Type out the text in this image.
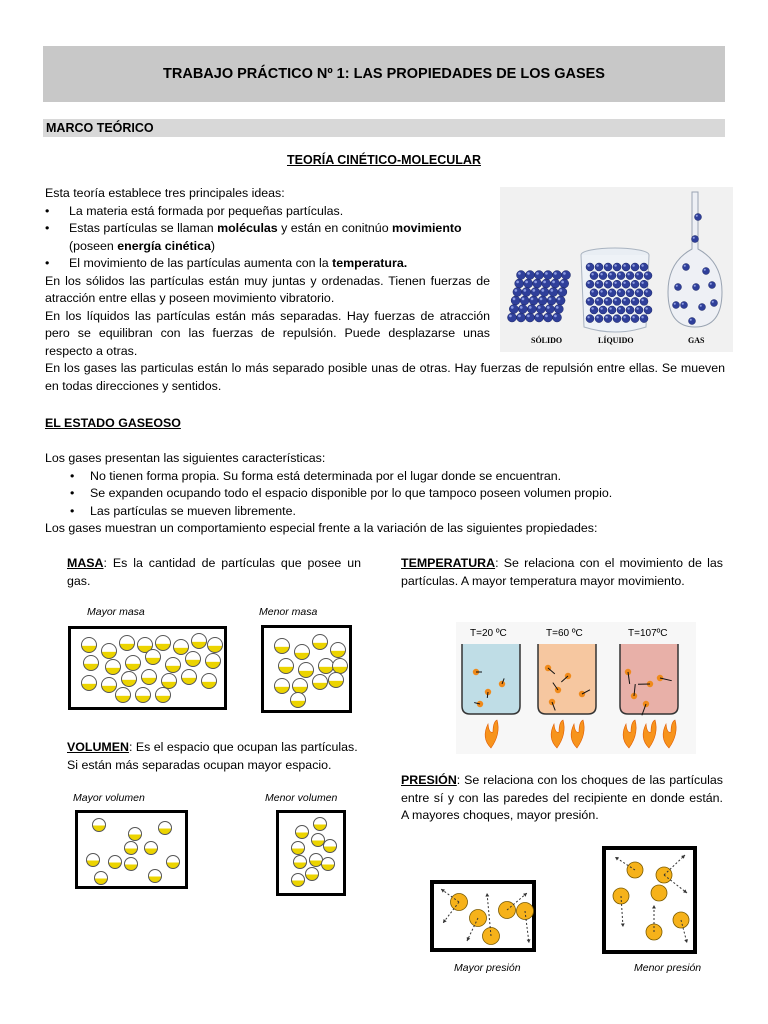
TRABAJO PRÁCTICO Nº 1: LAS PROPIEDADES DE LOS GASES
MARCO TEÓRICO
TEORÍA CINÉTICO-MOLECULAR
Esta teoría establece tres principales ideas:
• La materia está formada por pequeñas partículas.
• Estas partículas se llaman moléculas y están en conitnúo movimiento
(poseen energía cinética)
• El movimiento de las partículas aumenta con la temperatura.
En los sólidos las partículas están muy juntas y ordenadas. Tienen fuerzas de atracción entre ellas y poseen movimiento vibratorio.
En los líquidos las partículas están más separadas. Hay fuerzas de atracción pero se equilibran con las fuerzas de repulsión. Puede desplazarse unas respecto a otras.
En los gases las particulas están lo más separado posible unas de otras. Hay fuerzas de repulsión entre ellas. Se mueven en todas direcciones y sentidos.
SÓLIDO	LÍQUIDO	GAS
EL ESTADO GASEOSO
Los gases presentan las siguientes características:
• No tienen forma propia. Su forma está determinada por el lugar donde se encuentran.
• Se expanden ocupando todo el espacio disponible por lo que tampoco poseen volumen propio.
• Las partículas se mueven libremente.
Los gases muestran un comportamiento especial frente a la variación de las siguientes propiedades:
MASA: Es la cantidad de partículas que posee un gas.
Mayor masa	Menor masa
VOLUMEN: Es el espacio que ocupan las partículas. Si están más separadas ocupan mayor espacio.
Mayor volumen	Menor volumen
TEMPERATURA: Se relaciona con el movimiento de las partículas. A mayor temperatura mayor movimiento.
T=20 ºC	T=60 ºC	T=107ºC
PRESIÓN: Se relaciona con los choques de las partículas entre sí y con las paredes del recipiente en donde están. A mayores choques, mayor presión.
Mayor presión	Menor presión
